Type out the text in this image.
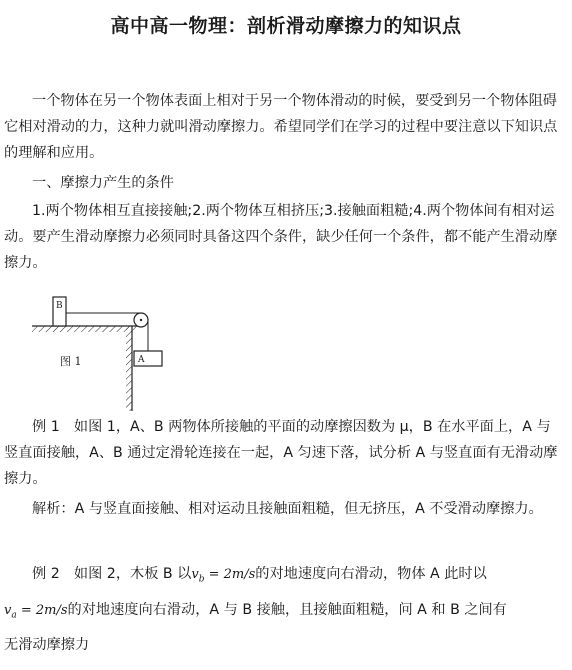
高中高一物理：剖析滑动摩擦力的知识点

一个物体在另一个物体表面上相对于另一个物体滑动的时候，要受到另一个物体阻碍它相对滑动的力，这种力就叫滑动摩擦力。希望同学们在学习的过程中要注意以下知识点的理解和应用。

一、摩擦力产生的条件

1.两个物体相互直接接触;2.两个物体互相挤压;3.接触面粗糙;4.两个物体间有相对运动。要产生滑动摩擦力必须同时具备这四个条件，缺少任何一个条件，都不能产生滑动摩擦力。

B
A
图 1

例 1　如图 1，A、B 两物体所接触的平面的动摩擦因数为 μ，B 在水平面上，A 与竖直面接触，A、B 通过定滑轮连接在一起，A 匀速下落，试分析 A 与竖直面有无滑动摩擦力。

解析：A 与竖直面接触、相对运动且接触面粗糙，但无挤压，A 不受滑动摩擦力。

例 2　如图 2，木板 B 以$v_b = 2m/s$的对地速度向右滑动，物体 A 此时以
$v_a = 2m/s$的对地速度向右滑动，A 与 B 接触，且接触面粗糙，问 A 和 B 之间有
无滑动摩擦力
